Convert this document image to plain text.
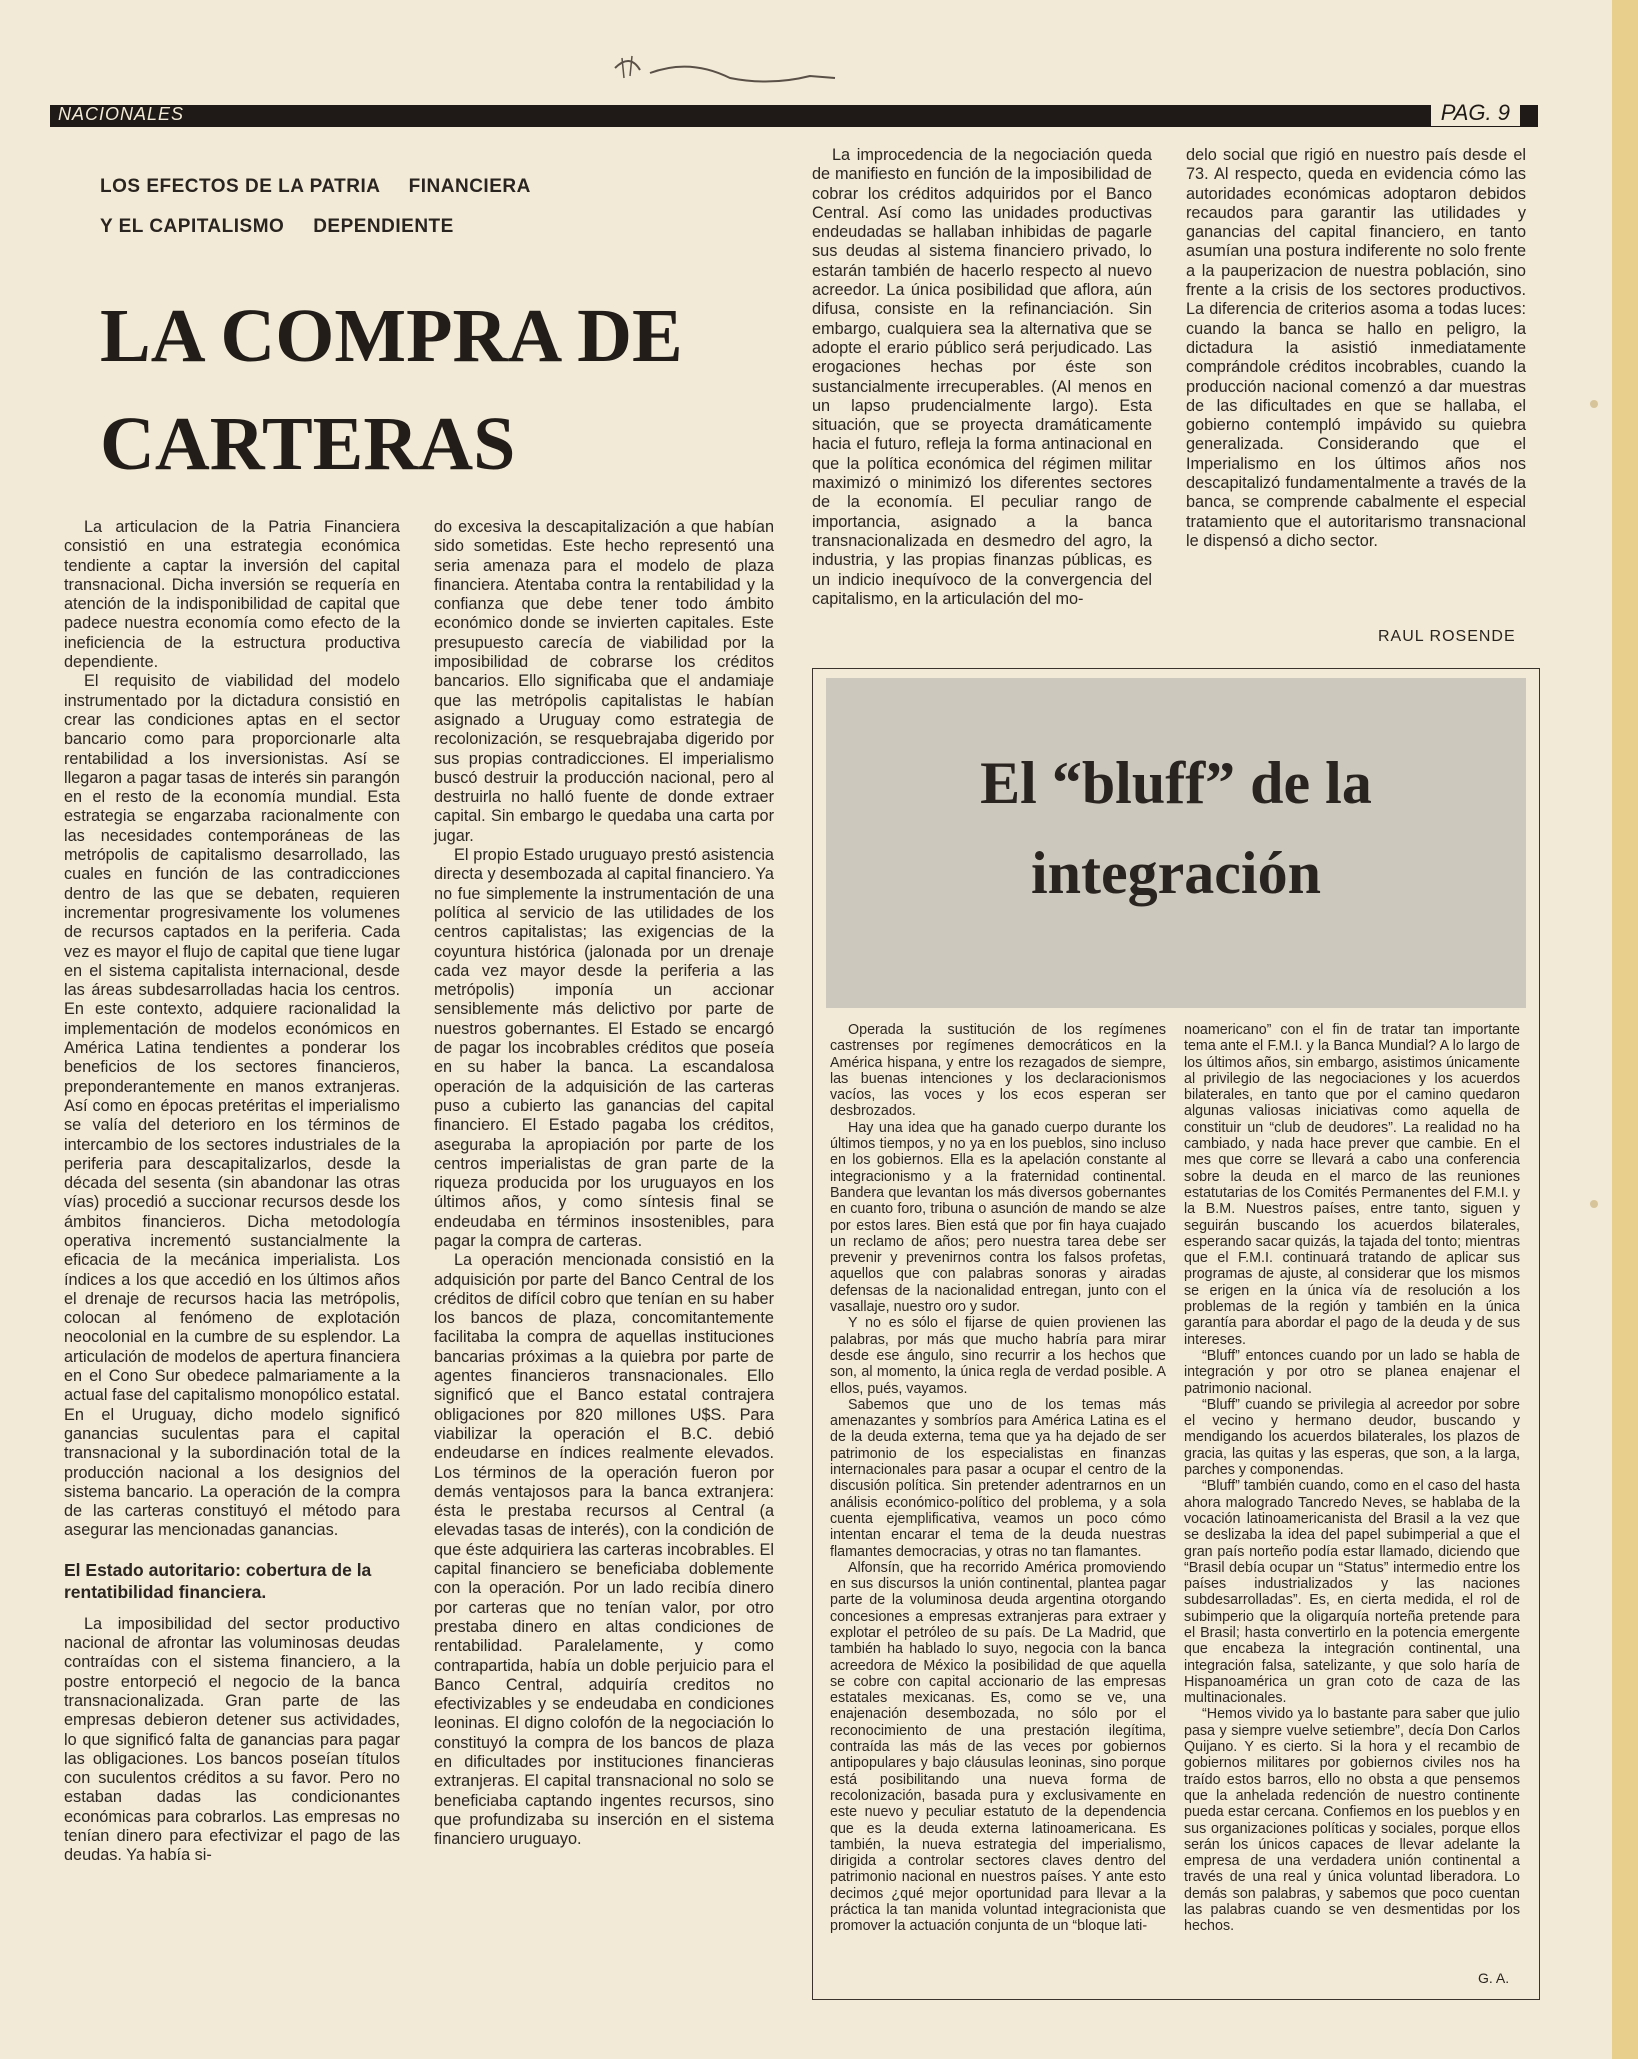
NACIONALES	PAG. 9
LOS EFECTOS DE LA PATRIA     FINANCIERA
Y EL CAPITALISMO     DEPENDIENTE
LA COMPRA DE CARTERAS

La articulacion de la Patria Financiera consistió en una estrategia económica tendiente a captar la inversión del capital transnacional. Dicha inversión se requería en atención de la indisponibilidad de capital que padece nuestra economía como efecto de la ineficiencia de la estructura productiva dependiente.

El requisito de viabilidad del modelo instrumentado por la dictadura consistió en crear las condiciones aptas en el sector bancario como para proporcionarle alta rentabilidad a los inversionistas. Así se llegaron a pagar tasas de interés sin parangón en el resto de la economía mundial. Esta estrategia se engarzaba racionalmente con las necesidades contemporáneas de las metrópolis de capitalismo desarrollado, las cuales en función de las contradicciones dentro de las que se debaten, requieren incrementar progresivamente los volumenes de recursos captados en la periferia. Cada vez es mayor el flujo de capital que tiene lugar en el sistema capitalista internacional, desde las áreas subdesarrolladas hacia los centros. En este contexto, adquiere racionalidad la implementación de modelos económicos en América Latina tendientes a ponderar los beneficios de los sectores financieros, preponderantemente en manos extranjeras. Así como en épocas pretéritas el imperialismo se valía del deterioro en los términos de intercambio de los sectores industriales de la periferia para descapitalizarlos, desde la década del sesenta (sin abandonar las otras vías) procedió a succionar recursos desde los ámbitos financieros. Dicha metodología operativa incrementó sustancialmente la eficacia de la mecánica imperialista. Los índices a los que accedió en los últimos años el drenaje de recursos hacia las metrópolis, colocan al fenómeno de explotación neocolonial en la cumbre de su esplendor. La articulación de modelos de apertura financiera en el Cono Sur obedece palmariamente a la actual fase del capitalismo monopólico estatal. En el Uruguay, dicho modelo significó ganancias suculentas para el capital transnacional y la subordinación total de la producción nacional a los designios del sistema bancario. La operación de la compra de las carteras constituyó el método para asegurar las mencionadas ganancias.

El Estado autoritario: cobertura de la rentatibilidad financiera.

La imposibilidad del sector productivo nacional de afrontar las voluminosas deudas contraídas con el sistema financiero, a la postre entorpeció el negocio de la banca transnacionalizada. Gran parte de las empresas debieron detener sus actividades, lo que significó falta de ganancias para pagar las obligaciones. Los bancos poseían títulos con suculentos créditos a su favor. Pero no estaban dadas las condicionantes económicas para cobrarlos. Las empresas no tenían dinero para efectivizar el pago de las deudas. Ya había si-

do excesiva la descapitalización a que habían sido sometidas. Este hecho representó una seria amenaza para el modelo de plaza financiera. Atentaba contra la rentabilidad y la confianza que debe tener todo ámbito económico donde se invierten capitales. Este presupuesto carecía de viabilidad por la imposibilidad de cobrarse los créditos bancarios. Ello significaba que el andamiaje que las metrópolis capitalistas le habían asignado a Uruguay como estrategia de recolonización, se resquebrajaba digerido por sus propias contradicciones. El imperialismo buscó destruir la producción nacional, pero al destruirla no halló fuente de donde extraer capital. Sin embargo le quedaba una carta por jugar.

El propio Estado uruguayo prestó asistencia directa y desembozada al capital financiero. Ya no fue simplemente la instrumentación de una política al servicio de las utilidades de los centros capitalistas; las exigencias de la coyuntura histórica (jalonada por un drenaje cada vez mayor desde la periferia a las metrópolis) imponía un accionar sensiblemente más delictivo por parte de nuestros gobernantes. El Estado se encargó de pagar los incobrables créditos que poseía en su haber la banca. La escandalosa operación de la adquisición de las carteras puso a cubierto las ganancias del capital financiero. El Estado pagaba los créditos, aseguraba la apropiación por parte de los centros imperialistas de gran parte de la riqueza producida por los uruguayos en los últimos años, y como síntesis final se endeudaba en términos insostenibles, para pagar la compra de carteras.

La operación mencionada consistió en la adquisición por parte del Banco Central de los créditos de difícil cobro que tenían en su haber los bancos de plaza, concomitantemente facilitaba la compra de aquellas instituciones bancarias próximas a la quiebra por parte de agentes financieros transnacionales. Ello significó que el Banco estatal contrajera obligaciones por 820 millones U$S. Para viabilizar la operación el B.C. debió endeudarse en índices realmente elevados. Los términos de la operación fueron por demás ventajosos para la banca extranjera: ésta le prestaba recursos al Central (a elevadas tasas de interés), con la condición de que éste adquiriera las carteras incobrables. El capital financiero se beneficiaba doblemente con la operación. Por un lado recibía dinero por carteras que no tenían valor, por otro prestaba dinero en altas condiciones de rentabilidad. Paralelamente, y como contrapartida, había un doble perjuicio para el Banco Central, adquiría creditos no efectivizables y se endeudaba en condiciones leoninas. El digno colofón de la negociación lo constituyó la compra de los bancos de plaza en dificultades por instituciones financieras extranjeras. El capital transnacional no solo se beneficiaba captando ingentes recursos, sino que profundizaba su inserción en el sistema financiero uruguayo.

La improcedencia de la negociación queda de manifiesto en función de la imposibilidad de cobrar los créditos adquiridos por el Banco Central. Así como las unidades productivas endeudadas se hallaban inhibidas de pagarle sus deudas al sistema financiero privado, lo estarán también de hacerlo respecto al nuevo acreedor. La única posibilidad que aflora, aún difusa, consiste en la refinanciación. Sin embargo, cualquiera sea la alternativa que se adopte el erario público será perjudicado. Las erogaciones hechas por éste son sustancialmente irrecuperables. (Al menos en un lapso prudencialmente largo). Esta situación, que se proyecta dramáticamente hacia el futuro, refleja la forma antinacional en que la política económica del régimen militar maximizó o minimizó los diferentes sectores de la economía. El peculiar rango de importancia, asignado a la banca transnacionalizada en desmedro del agro, la industria, y las propias finanzas públicas, es un indicio inequívoco de la convergencia del capitalismo, en la articulación del mo-

delo social que rigió en nuestro país desde el 73. Al respecto, queda en evidencia cómo las autoridades económicas adoptaron debidos recaudos para garantir las utilidades y ganancias del capital financiero, en tanto asumían una postura indiferente no solo frente a la pauperizacion de nuestra población, sino frente a la crisis de los sectores productivos. La diferencia de criterios asoma a todas luces: cuando la banca se hallo en peligro, la dictadura la asistió inmediatamente comprándole créditos incobrables, cuando la producción nacional comenzó a dar muestras de las dificultades en que se hallaba, el gobierno contempló impávido su quiebra generalizada. Considerando que el Imperialismo en los últimos años nos descapitalizó fundamentalmente a través de la banca, se comprende cabalmente el especial tratamiento que el autoritarismo transnacional le dispensó a dicho sector.

RAUL ROSENDE
El “bluff” de la
integración

Operada la sustitución de los regímenes castrenses por regímenes democráticos en la América hispana, y entre los rezagados de siempre, las buenas intenciones y los declaracionismos vacíos, las voces y los ecos esperan ser desbrozados.

Hay una idea que ha ganado cuerpo durante los últimos tiempos, y no ya en los pueblos, sino incluso en los gobiernos. Ella es la apelación constante al integracionismo y a la fraternidad continental. Bandera que levantan los más diversos gobernantes en cuanto foro, tribuna o asunción de mando se alze por estos lares. Bien está que por fin haya cuajado un reclamo de años; pero nuestra tarea debe ser prevenir y prevenirnos contra los falsos profetas, aquellos que con palabras sonoras y airadas defensas de la nacionalidad entregan, junto con el vasallaje, nuestro oro y sudor.

Y no es sólo el fijarse de quien provienen las palabras, por más que mucho habría para mirar desde ese ángulo, sino recurrir a los hechos que son, al momento, la única regla de verdad posible. A ellos, pués, vayamos.

Sabemos que uno de los temas más amenazantes y sombríos para América Latina es el de la deuda externa, tema que ya ha dejado de ser patrimonio de los especialistas en finanzas internacionales para pasar a ocupar el centro de la discusión política. Sin pretender adentrarnos en un análisis económico-político del problema, y a sola cuenta ejemplificativa, veamos un poco cómo intentan encarar el tema de la deuda nuestras flamantes democracias, y otras no tan flamantes.

Alfonsín, que ha recorrido América promoviendo en sus discursos la unión continental, plantea pagar parte de la voluminosa deuda argentina otorgando concesiones a empresas extranjeras para extraer y explotar el petróleo de su país. De La Madrid, que también ha hablado lo suyo, negocia con la banca acreedora de México la posibilidad de que aquella se cobre con capital accionario de las empresas estatales mexicanas. Es, como se ve, una enajenación desembozada, no sólo por el reconocimiento de una prestación ilegítima, contraída las más de las veces por gobiernos antipopulares y bajo cláusulas leoninas, sino porque está posibilitando una nueva forma de recolonización, basada pura y exclusivamente en este nuevo y peculiar estatuto de la dependencia que es la deuda externa latinoamericana. Es también, la nueva estrategia del imperialismo, dirigida a controlar sectores claves dentro del patrimonio nacional en nuestros países. Y ante esto decimos ¿qué mejor oportunidad para llevar a la práctica la tan manida voluntad integracionista que promover la actuación conjunta de un “bloque lati-

noamericano” con el fin de tratar tan importante tema ante el F.M.I. y la Banca Mundial? A lo largo de los últimos años, sin embargo, asistimos únicamente al privilegio de las negociaciones y los acuerdos bilaterales, en tanto que por el camino quedaron algunas valiosas iniciativas como aquella de constituir un “club de deudores”. La realidad no ha cambiado, y nada hace prever que cambie. En el mes que corre se llevará a cabo una conferencia sobre la deuda en el marco de las reuniones estatutarias de los Comités Permanentes del F.M.I. y la B.M. Nuestros países, entre tanto, siguen y seguirán buscando los acuerdos bilaterales, esperando sacar quizás, la tajada del tonto; mientras que el F.M.I. continuará tratando de aplicar sus programas de ajuste, al considerar que los mismos se erigen en la única vía de resolución a los problemas de la región y también en la única garantía para abordar el pago de la deuda y de sus intereses.

“Bluff” entonces cuando por un lado se habla de integración y por otro se planea enajenar el patrimonio nacional.

“Bluff” cuando se privilegia al acreedor por sobre el vecino y hermano deudor, buscando y mendigando los acuerdos bilaterales, los plazos de gracia, las quitas y las esperas, que son, a la larga, parches y componendas.

“Bluff” también cuando, como en el caso del hasta ahora malogrado Tancredo Neves, se hablaba de la vocación latinoamericanista del Brasil a la vez que se deslizaba la idea del papel subimperial a que el gran país norteño podía estar llamado, diciendo que “Brasil debía ocupar un “Status” intermedio entre los países industrializados y las naciones subdesarrolladas”. Es, en cierta medida, el rol de subimperio que la oligarquía norteña pretende para el Brasil; hasta convertirlo en la potencia emergente que encabeza la integración continental, una integración falsa, satelizante, y que solo haría de Hispanoamérica un gran coto de caza de las multinacionales.

“Hemos vivido ya lo bastante para saber que julio pasa y siempre vuelve setiembre”, decía Don Carlos Quijano. Y es cierto. Si la hora y el recambio de gobiernos militares por gobiernos civiles nos ha traído estos barros, ello no obsta a que pensemos que la anhelada redención de nuestro continente pueda estar cercana. Confiemos en los pueblos y en sus organizaciones políticas y sociales, porque ellos serán los únicos capaces de llevar adelante la empresa de una verdadera unión continental a través de una real y única voluntad liberadora. Lo demás son palabras, y sabemos que poco cuentan las palabras cuando se ven desmentidas por los hechos.

G. A.
